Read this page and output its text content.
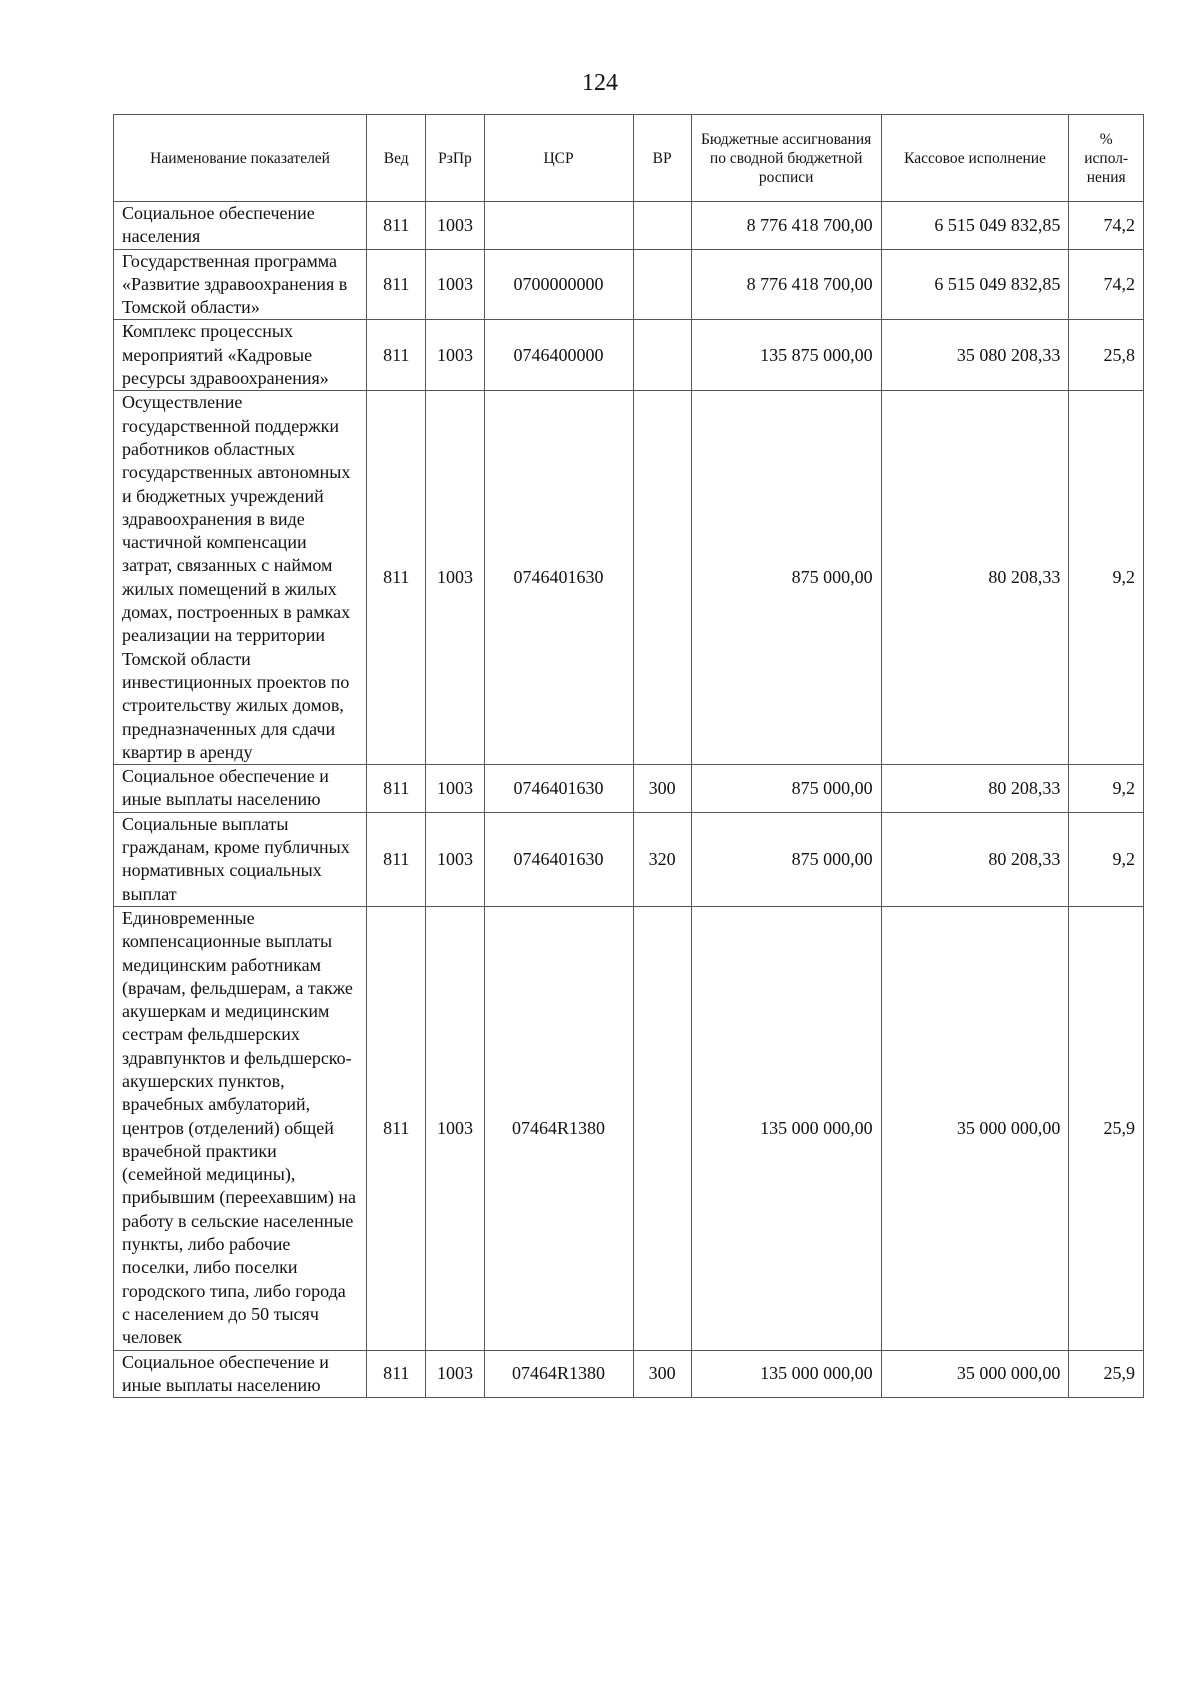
124
Наименование показателей	Вед	РзПр	ЦСР	ВР	Бюджетные ассигнования по сводной бюджетной росписи	Кассовое исполнение	% испол-нения
Социальное обеспечение населения	811	1003			8 776 418 700,00	6 515 049 832,85	74,2
Государственная программа «Развитие здравоохранения в Томской области»	811	1003	0700000000		8 776 418 700,00	6 515 049 832,85	74,2
Комплекс процессных мероприятий «Кадровые ресурсы здравоохранения»	811	1003	0746400000		135 875 000,00	35 080 208,33	25,8
Осуществление государственной поддержки работников областных государственных автономных и бюджетных учреждений здравоохранения в виде частичной компенсации затрат, связанных с наймом жилых помещений в жилых домах, построенных в рамках реализации на территории Томской области инвестиционных проектов по строительству жилых домов, предназначенных для сдачи квартир в аренду	811	1003	0746401630		875 000,00	80 208,33	9,2
Социальное обеспечение и иные выплаты населению	811	1003	0746401630	300	875 000,00	80 208,33	9,2
Социальные выплаты гражданам, кроме публичных нормативных социальных выплат	811	1003	0746401630	320	875 000,00	80 208,33	9,2
Единовременные компенсационные выплаты медицинским работникам (врачам, фельдшерам, а также акушеркам и медицинским сестрам фельдшерских здравпунктов и фельдшерско-акушерских пунктов, врачебных амбулаторий, центров (отделений) общей врачебной практики (семейной медицины), прибывшим (переехавшим) на работу в сельские населенные пункты, либо рабочие поселки, либо поселки городского типа, либо города с населением до 50 тысяч человек	811	1003	07464R1380		135 000 000,00	35 000 000,00	25,9
Социальное обеспечение и иные выплаты населению	811	1003	07464R1380	300	135 000 000,00	35 000 000,00	25,9
